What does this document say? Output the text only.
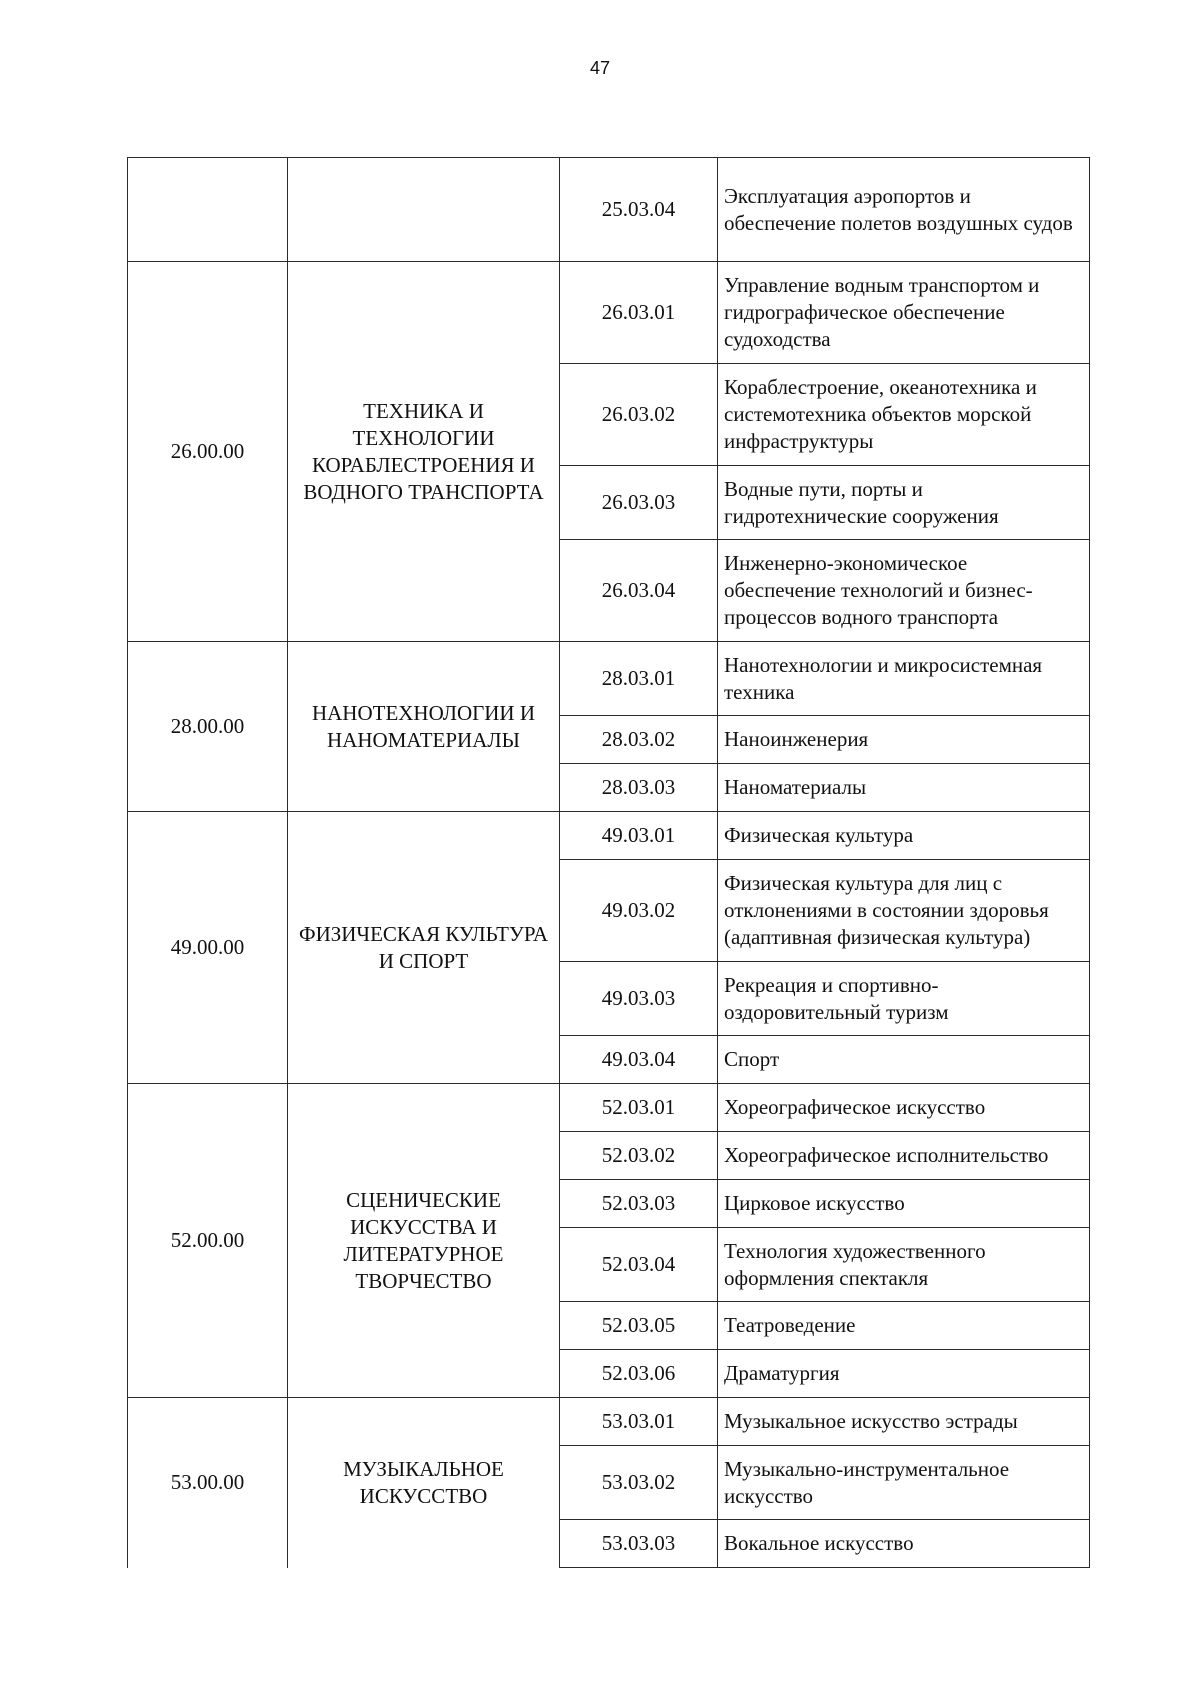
47
		25.03.04	Эксплуатация аэропортов и обеспечение полетов воздушных судов
26.00.00	ТЕХНИКА И ТЕХНОЛОГИИ КОРАБЛЕСТРОЕНИЯ И ВОДНОГО ТРАНСПОРТА	26.03.01	Управление водным транспортом и гидрографическое обеспечение судоходства
		26.03.02	Кораблестроение, океанотехника и системотехника объектов морской инфраструктуры
		26.03.03	Водные пути, порты и гидротехнические сооружения
		26.03.04	Инженерно-экономическое обеспечение технологий и бизнес-процессов водного транспорта
28.00.00	НАНОТЕХНОЛОГИИ И НАНОМАТЕРИАЛЫ	28.03.01	Нанотехнологии и микросистемная техника
		28.03.02	Наноинженерия
		28.03.03	Наноматериалы
49.00.00	ФИЗИЧЕСКАЯ КУЛЬТУРА И СПОРТ	49.03.01	Физическая культура
		49.03.02	Физическая культура для лиц с отклонениями в состоянии здоровья (адаптивная физическая культура)
		49.03.03	Рекреация и спортивно-оздоровительный туризм
		49.03.04	Спорт
52.00.00	СЦЕНИЧЕСКИЕ ИСКУССТВА И ЛИТЕРАТУРНОЕ ТВОРЧЕСТВО	52.03.01	Хореографическое искусство
		52.03.02	Хореографическое исполнительство
		52.03.03	Цирковое искусство
		52.03.04	Технология художественного оформления спектакля
		52.03.05	Театроведение
		52.03.06	Драматургия
53.00.00	МУЗЫКАЛЬНОЕ ИСКУССТВО	53.03.01	Музыкальное искусство эстрады
		53.03.02	Музыкально-инструментальное искусство
		53.03.03	Вокальное искусство
